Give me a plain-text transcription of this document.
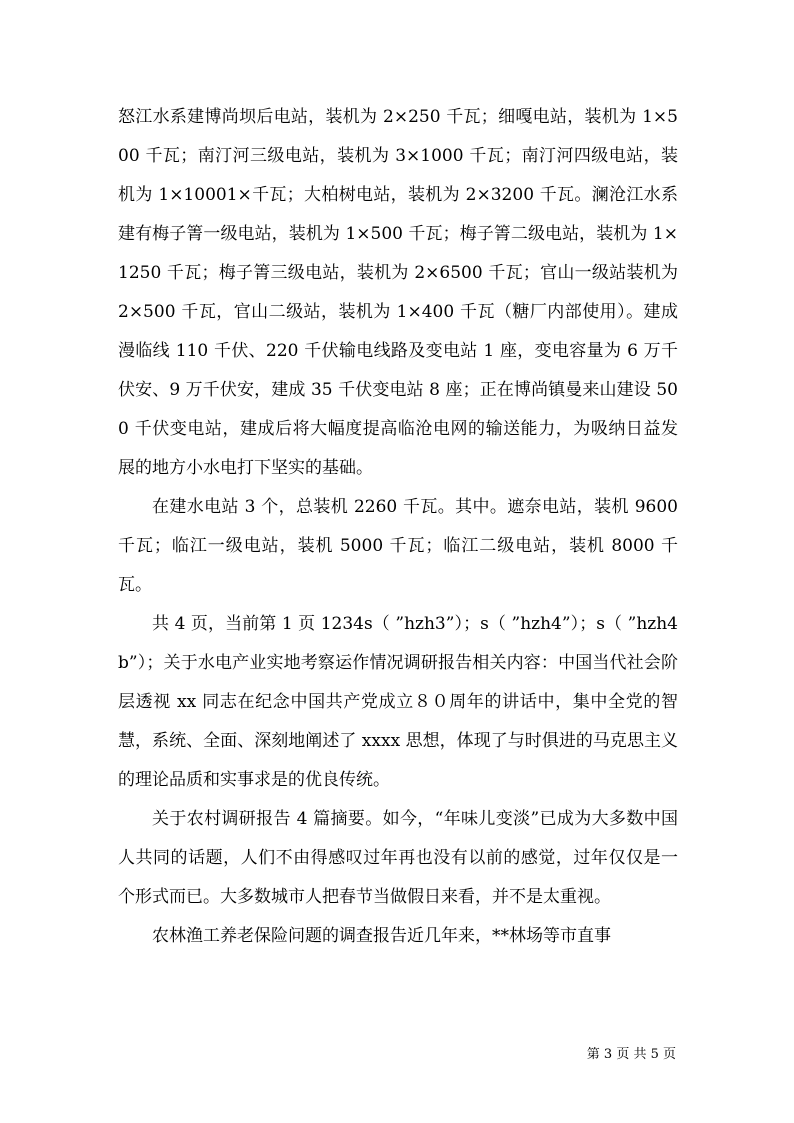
怒江水系建博尚坝后电站，装机为 2×250 千瓦；细嘎电站，装机为 1×500 千瓦；南汀河三级电站，装机为 3×1000 千瓦；南汀河四级电站，装机为 1×10001×千瓦；大柏树电站，装机为 2×3200 千瓦。澜沧江水系建有梅子箐一级电站，装机为 1×500 千瓦；梅子箐二级电站，装机为 1×1250 千瓦；梅子箐三级电站，装机为 2×6500 千瓦；官山一级站装机为 2×500 千瓦，官山二级站，装机为 1×400 千瓦（糖厂内部使用）。建成漫临线 110 千伏、220 千伏输电线路及变电站 1 座，变电容量为 6 万千伏安、9 万千伏安，建成 35 千伏变电站 8 座；正在博尚镇曼来山建设 500 千伏变电站，建成后将大幅度提高临沧电网的输送能力，为吸纳日益发展的地方小水电打下坚实的基础。

在建水电站 3 个，总装机 2260 千瓦。其中。遮奈电站，装机 9600 千瓦；临江一级电站，装机 5000 千瓦；临江二级电站，装机 8000 千瓦。

共 4 页，当前第 1 页 1234s（ ”hzh3”）；s（ ”hzh4”）；s（ ”hzh4b”）；关于水电产业实地考察运作情况调研报告相关内容：中国当代社会阶层透视 xx 同志在纪念中国共产党成立８０周年的讲话中，集中全党的智慧，系统、全面、深刻地阐述了 xxxx 思想，体现了与时俱进的马克思主义的理论品质和实事求是的优良传统。

关于农村调研报告 4 篇摘要。如今，“年味儿变淡”已成为大多数中国人共同的话题，人们不由得感叹过年再也没有以前的感觉，过年仅仅是一个形式而已。大多数城市人把春节当做假日来看，并不是太重视。

农林渔工养老保险问题的调查报告近几年来，**林场等市直事

第 3 页 共 5 页
